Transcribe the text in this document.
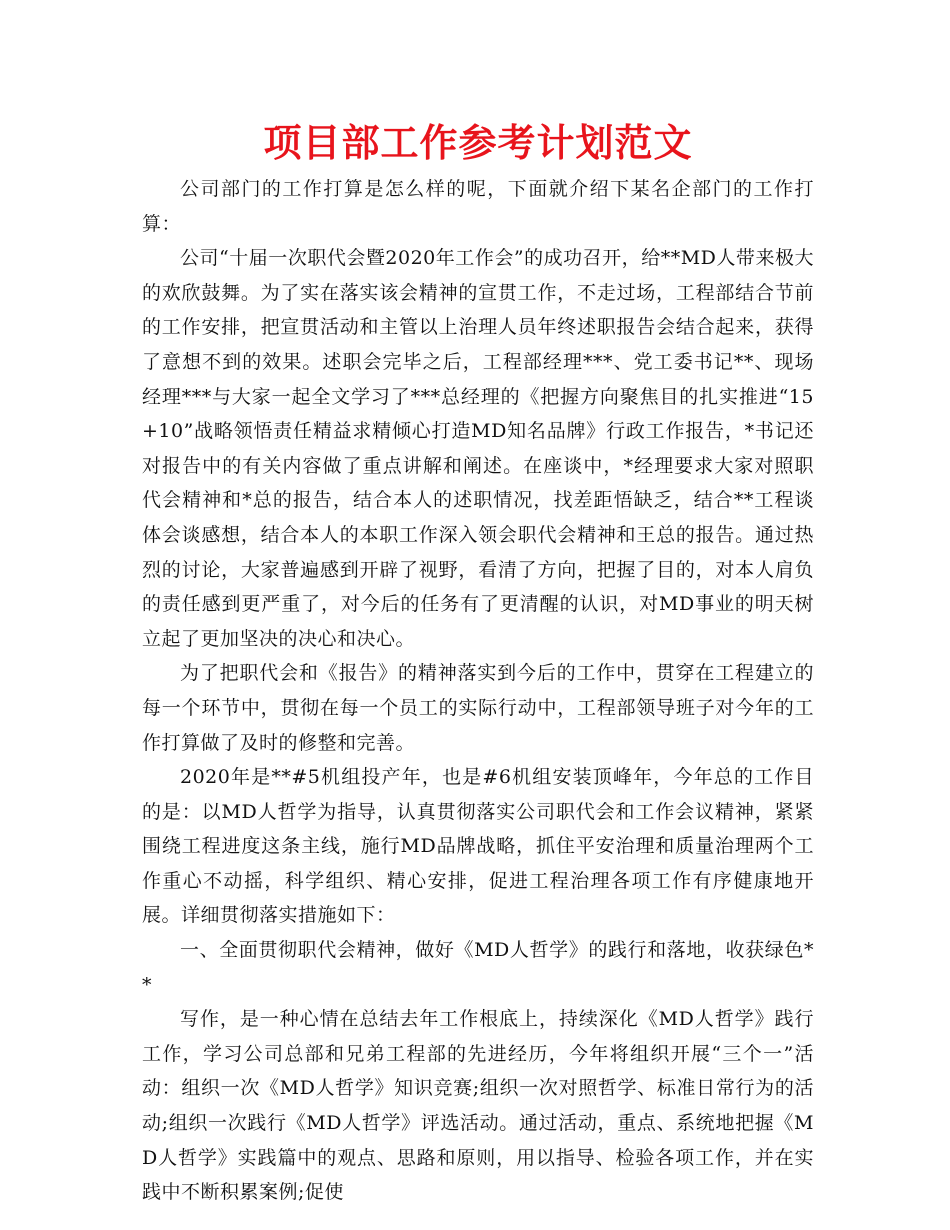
项目部工作参考计划范文

公司部门的工作打算是怎么样的呢，下面就介绍下某名企部门的工作打算：

公司“十届一次职代会暨2020年工作会”的成功召开，给**MD人带来极大的欢欣鼓舞。为了实在落实该会精神的宣贯工作，不走过场，工程部结合节前的工作安排，把宣贯活动和主管以上治理人员年终述职报告会结合起来，获得了意想不到的效果。述职会完毕之后，工程部经理***、党工委书记**、现场经理***与大家一起全文学习了***总经理的《把握方向聚焦目的扎实推进“15+10”战略领悟责任精益求精倾心打造MD知名品牌》行政工作报告，*书记还对报告中的有关内容做了重点讲解和阐述。在座谈中，*经理要求大家对照职代会精神和*总的报告，结合本人的述职情况，找差距悟缺乏，结合**工程谈体会谈感想，结合本人的本职工作深入领会职代会精神和王总的报告。通过热烈的讨论，大家普遍感到开辟了视野，看清了方向，把握了目的，对本人肩负的责任感到更严重了，对今后的任务有了更清醒的认识，对MD事业的明天树立起了更加坚决的决心和决心。

为了把职代会和《报告》的精神落实到今后的工作中，贯穿在工程建立的每一个环节中，贯彻在每一个员工的实际行动中，工程部领导班子对今年的工作打算做了及时的修整和完善。

2020年是**#5机组投产年，也是#6机组安装顶峰年，今年总的工作目的是：以MD人哲学为指导，认真贯彻落实公司职代会和工作会议精神，紧紧围绕工程进度这条主线，施行MD品牌战略，抓住平安治理和质量治理两个工作重心不动摇，科学组织、精心安排，促进工程治理各项工作有序健康地开展。详细贯彻落实措施如下：

一、全面贯彻职代会精神，做好《MD人哲学》的践行和落地，收获绿色**

写作，是一种心情在总结去年工作根底上，持续深化《MD人哲学》践行工作，学习公司总部和兄弟工程部的先进经历，今年将组织开展“三个一”活动：组织一次《MD人哲学》知识竞赛;组织一次对照哲学、标准日常行为的活动;组织一次践行《MD人哲学》评选活动。通过活动，重点、系统地把握《MD人哲学》实践篇中的观点、思路和原则，用以指导、检验各项工作，并在实践中不断积累案例;促使
